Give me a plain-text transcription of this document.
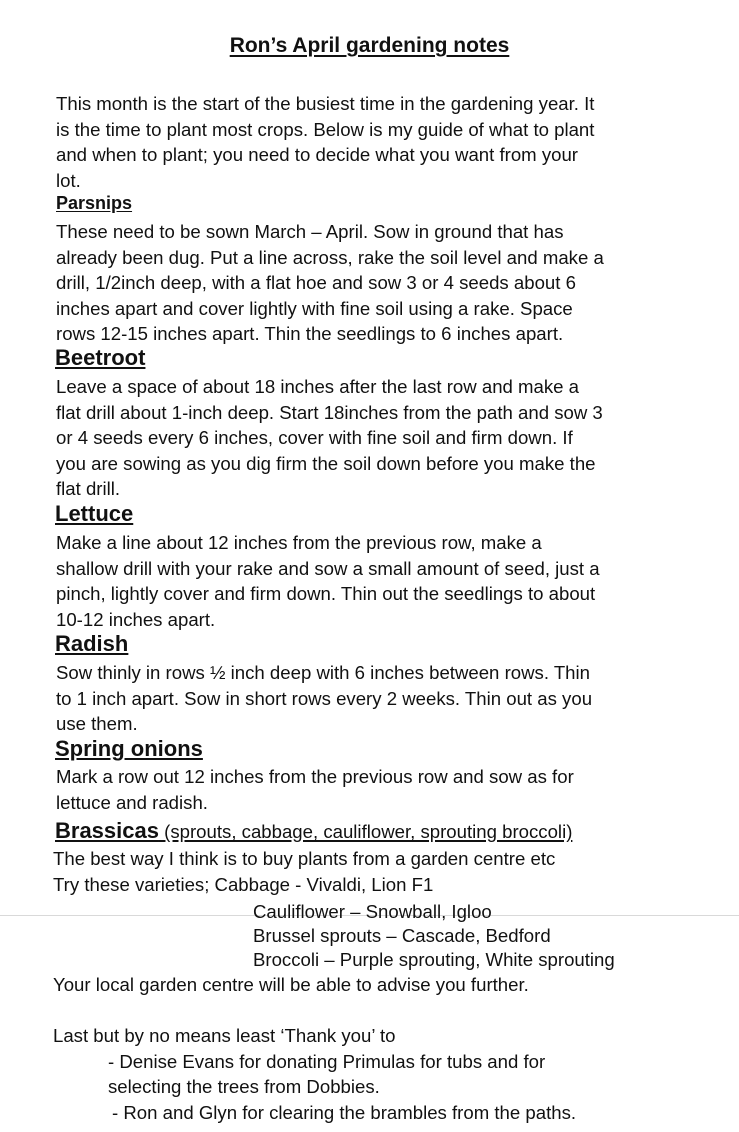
Ron’s April gardening notes
This month is the start of the busiest time in the gardening year. It
is the time to plant most crops. Below is my guide of what to plant
and when to plant; you need to decide what you want from your
lot.
Parsnips
These need to be sown March – April. Sow in ground that has
already been dug. Put a line across, rake the soil level and make a
drill, 1/2inch deep, with a flat hoe and sow 3 or 4 seeds about 6
inches apart and cover lightly with fine soil using a rake. Space
rows 12-15 inches apart. Thin the seedlings to 6 inches apart.
Beetroot
Leave a space of about 18 inches after the last row and make a
flat drill about 1-inch deep. Start 18inches from the path and sow 3
or 4 seeds every 6 inches, cover with fine soil and firm down. If
you are sowing as you dig firm the soil down before you make the
flat drill.
Lettuce
Make a line about 12 inches from the previous row, make a
shallow drill with your rake and sow a small amount of seed, just a
pinch, lightly cover and firm down. Thin out the seedlings to about
10-12 inches apart.
Radish
Sow thinly in rows ½ inch deep with 6 inches between rows. Thin
to 1 inch apart. Sow in short rows every 2 weeks. Thin out as you
use them.
Spring onions
Mark a row out 12 inches from the previous row and sow as for
lettuce and radish.
Brassicas (sprouts, cabbage, cauliflower, sprouting broccoli)
The best way I think is to buy plants from a garden centre etc
Try these varieties; Cabbage - Vivaldi, Lion F1
Cauliflower – Snowball, Igloo
Brussel sprouts – Cascade, Bedford
Broccoli – Purple sprouting, White sprouting
Your local garden centre will be able to advise you further.
Last but by no means least ‘Thank you’ to
- Denise Evans for donating Primulas for tubs and for
selecting the trees from Dobbies.
- Ron and Glyn for clearing the brambles from the paths.
